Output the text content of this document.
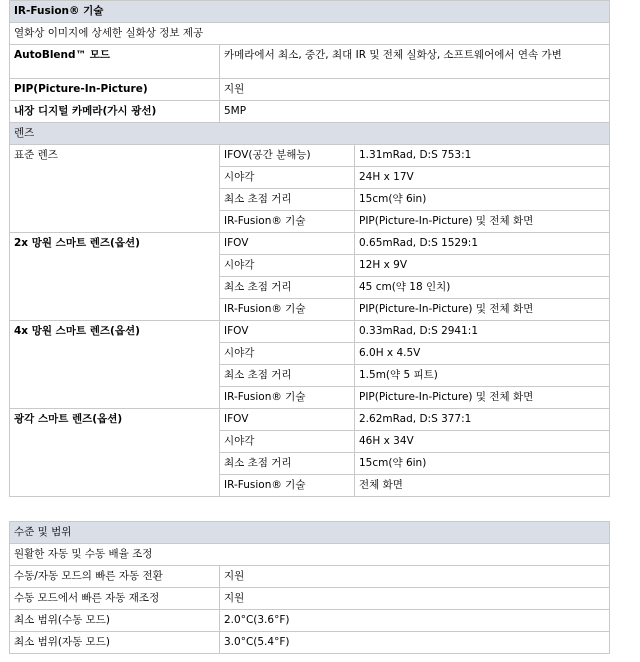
IR-Fusion® 기술		
열화상 이미지에 상세한 실화상 정보 제공		
AutoBlend™ 모드	카메라에서 최소, 중간, 최대 IR 및 전체 실화상, 소프트웨어에서 연속 가변	
PIP(Picture-In-Picture)	지원	
내장 디지털 카메라(가시 광선)	5MP	
렌즈		
표준 렌즈	IFOV(공간 분해능)	1.31mRad, D:S 753:1
	시야각	24H x 17V
	최소 초점 거리	15cm(약 6in)
	IR-Fusion® 기술	PIP(Picture-In-Picture) 및 전체 화면
2x 망원 스마트 렌즈(옵션)	IFOV	0.65mRad, D:S 1529:1
	시야각	12H x 9V
	최소 초점 거리	45 cm(약 18 인치)
	IR-Fusion® 기술	PIP(Picture-In-Picture) 및 전체 화면
4x 망원 스마트 렌즈(옵션)	IFOV	0.33mRad, D:S 2941:1
	시야각	6.0H x 4.5V
	최소 초점 거리	1.5m(약 5 피트)
	IR-Fusion® 기술	PIP(Picture-In-Picture) 및 전체 화면
광각 스마트 렌즈(옵션)	IFOV	2.62mRad, D:S 377:1
	시야각	46H x 34V
	최소 초점 거리	15cm(약 6in)
	IR-Fusion® 기술	전체 화면
수준 및 범위	
원활한 자동 및 수동 배율 조정	
수동/자동 모드의 빠른 자동 전환	지원
수동 모드에서 빠른 자동 재조정	지원
최소 범위(수동 모드)	2.0°C(3.6°F)
최소 범위(자동 모드)	3.0°C(5.4°F)
